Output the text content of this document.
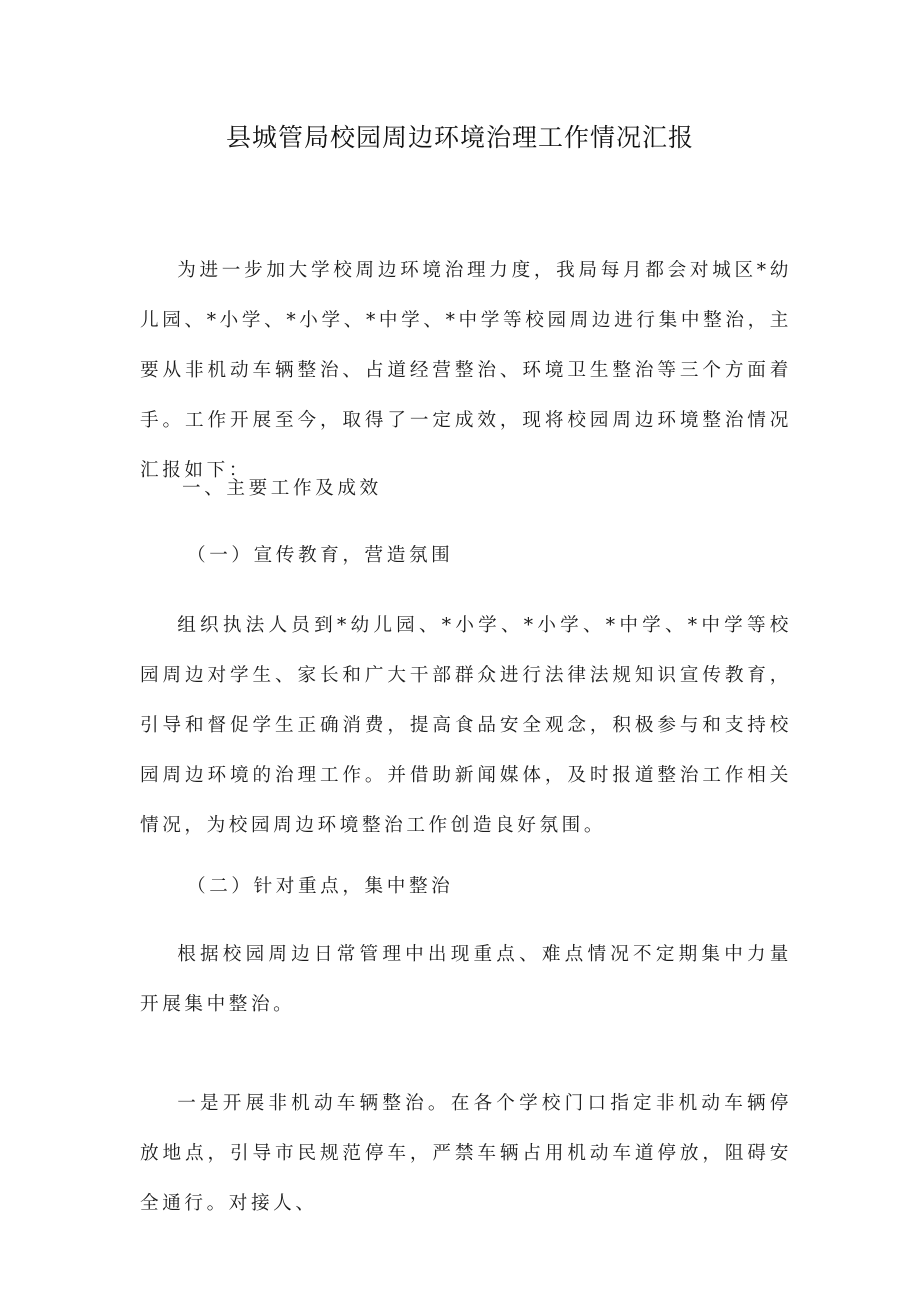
县城管局校园周边环境治理工作情况汇报

为进一步加大学校周边环境治理力度，我局每月都会对城区*幼儿园、*小学、*小学、*中学、*中学等校园周边进行集中整治，主要从非机动车辆整治、占道经营整治、环境卫生整治等三个方面着手。工作开展至今，取得了一定成效，现将校园周边环境整治情况汇报如下：

一、主要工作及成效

（一）宣传教育，营造氛围

组织执法人员到*幼儿园、*小学、*小学、*中学、*中学等校园周边对学生、家长和广大干部群众进行法律法规知识宣传教育，引导和督促学生正确消费，提高食品安全观念，积极参与和支持校园周边环境的治理工作。并借助新闻媒体，及时报道整治工作相关情况，为校园周边环境整治工作创造良好氛围。

（二）针对重点，集中整治

根据校园周边日常管理中出现重点、难点情况不定期集中力量开展集中整治。

一是开展非机动车辆整治。在各个学校门口指定非机动车辆停放地点，引导市民规范停车，严禁车辆占用机动车道停放，阻碍安全通行。对接人、
